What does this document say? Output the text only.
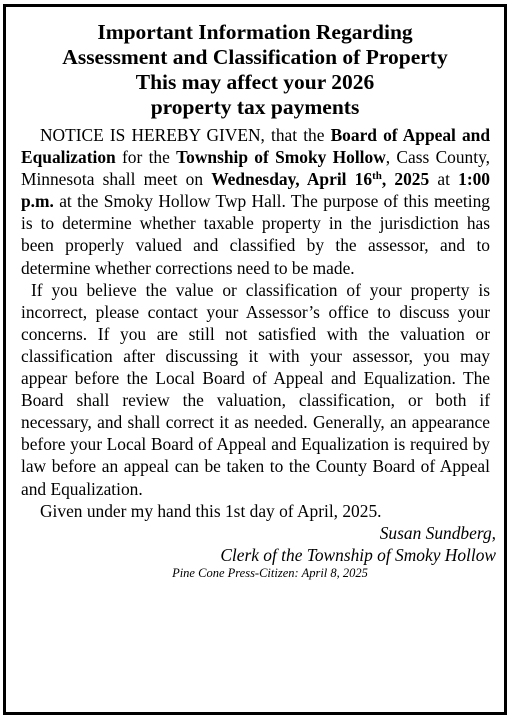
Important Information Regarding
Assessment and Classification of Property
This may affect your 2026
property tax payments

NOTICE IS HEREBY GIVEN, that the Board of Appeal and Equalization for the Township of Smoky Hollow, Cass County, Minnesota shall meet on Wednesday, April 16th, 2025 at 1:00 p.m. at the Smoky Hollow Twp Hall. The purpose of this meeting is to determine whether taxable property in the jurisdiction has been properly valued and classified by the assessor, and to determine whether corrections need to be made.

If you believe the value or classification of your property is incorrect, please contact your Assessor’s office to discuss your concerns. If you are still not satisfied with the valuation or classification after discussing it with your assessor, you may appear before the Local Board of Appeal and Equalization. The Board shall review the valuation, classification, or both if necessary, and shall correct it as needed. Generally, an appearance before your Local Board of Appeal and Equalization is required by law before an appeal can be taken to the County Board of Appeal and Equalization.

Given under my hand this 1st day of April, 2025.

Susan Sundberg,
Clerk of the Township of Smoky Hollow
Pine Cone Press-Citizen: April 8, 2025
